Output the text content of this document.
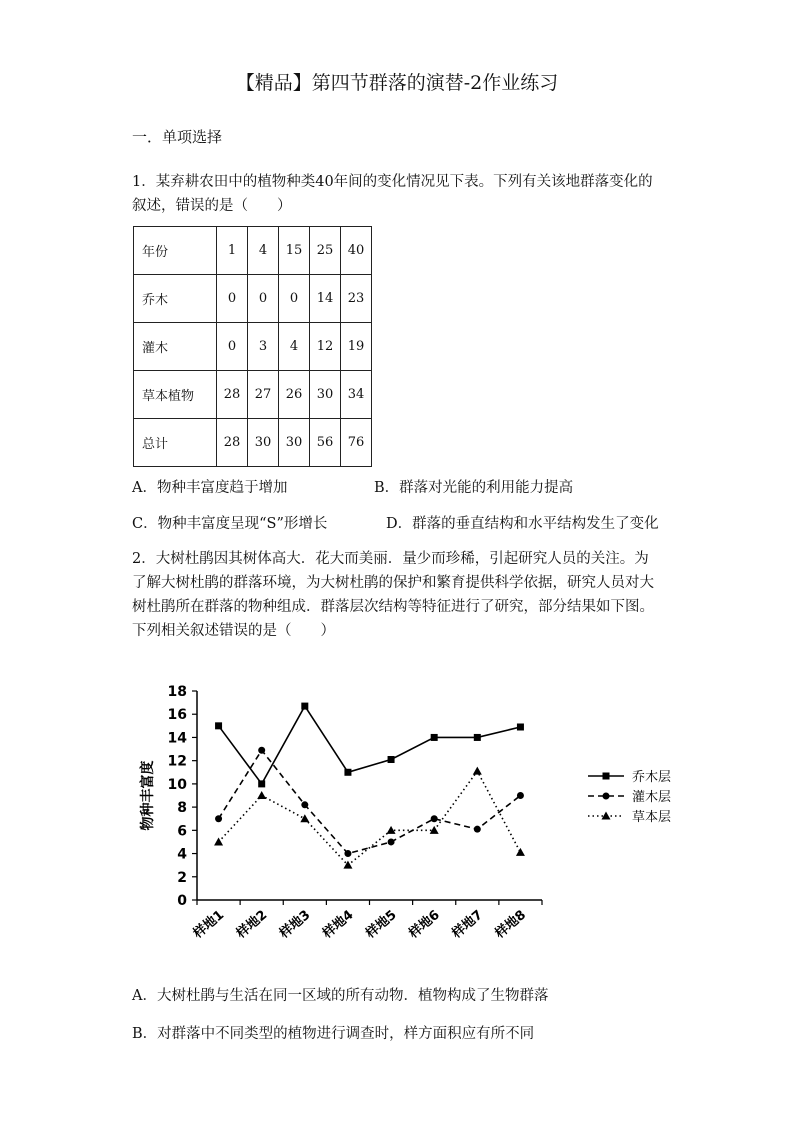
【精品】第四节群落的演替-2作业练习
一．单项选择
1．某弃耕农田中的植物种类40年间的变化情况见下表。下列有关该地群落变化的
叙述，错误的是（　　）
年份	1	4	15	25	40
乔木	0	0	0	14	23
灌木	0	3	4	12	19
草本植物	28	27	26	30	34
总计	28	30	30	56	76
A．物种丰富度趋于增加	B．群落对光能的利用能力提高
C．物种丰富度呈现“S”形增长	D．群落的垂直结构和水平结构发生了变化
2．大树杜鹃因其树体高大．花大而美丽．量少而珍稀，引起研究人员的关注。为
了解大树杜鹃的群落环境，为大树杜鹃的保护和繁育提供科学依据，研究人员对大
树杜鹃所在群落的物种组成．群落层次结构等特征进行了研究，部分结果如下图。
下列相关叙述错误的是（　　）
0
2
4
6
8
10
12
14
16
18
样地1 样地2 样地3 样地4 样地5 样地6 样地7 样地8
物种丰富度	乔木层
灌木层
草本层
A．大树杜鹃与生活在同一区域的所有动物．植物构成了生物群落
B．对群落中不同类型的植物进行调查时，样方面积应有所不同
